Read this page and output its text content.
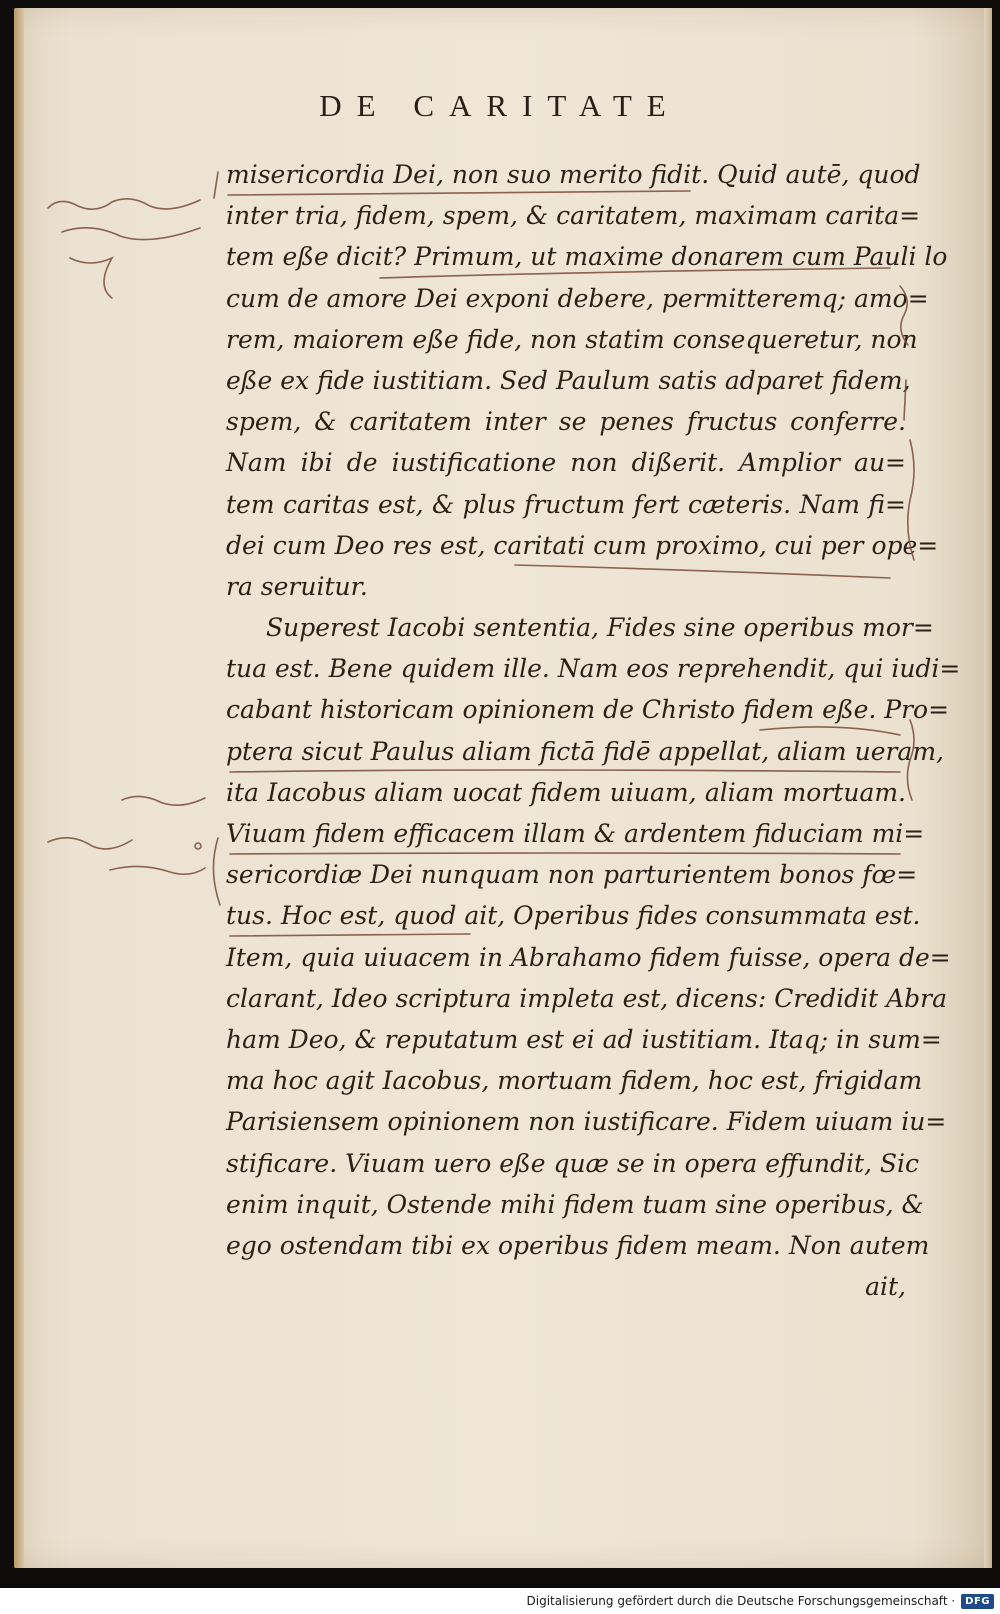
DE CARITATE
misericordia Dei, non suo merito fidit. Quid autē, quod
inter tria, fidem, spem, & caritatem, maximam carita=
tem eße dicit? Primum, ut maxime donarem cum Pauli lo
cum de amore Dei exponi debere, permitteremq; amo=
rem, maiorem eße fide, non statim consequeretur, non
eße ex fide iustitiam. Sed Paulum satis adparet fidem,
spem, & caritatem inter se penes fructus conferre.
Nam ibi de iustificatione non dißerit. Amplior au=
tem caritas est, & plus fructum fert cæteris. Nam fi=
dei cum Deo res est, caritati cum proximo, cui per ope=
ra seruitur.
Superest Iacobi sententia, Fides sine operibus mor=
tua est. Bene quidem ille. Nam eos reprehendit, qui iudi=
cabant historicam opinionem de Christo fidem eße. Pro=
ptera sicut Paulus aliam fictā fidē appellat, aliam ueram,
ita Iacobus aliam uocat fidem uiuam, aliam mortuam.
Viuam fidem efficacem illam & ardentem fiduciam mi=
sericordiæ Dei nunquam non parturientem bonos fœ=
tus. Hoc est, quod ait, Operibus fides consummata est.
Item, quia uiuacem in Abrahamo fidem fuisse, opera de=
clarant, Ideo scriptura impleta est, dicens: Credidit Abra
ham Deo, & reputatum est ei ad iustitiam. Itaq; in sum=
ma hoc agit Iacobus, mortuam fidem, hoc est, frigidam
Parisiensem opinionem non iustificare. Fidem uiuam iu=
stificare. Viuam uero eße quæ se in opera effundit, Sic
enim inquit, Ostende mihi fidem tuam sine operibus, &
ego ostendam tibi ex operibus fidem meam. Non autem
ait,
Digitalisierung gefördert durch die Deutsche Forschungsgemeinschaft ·	DFG
